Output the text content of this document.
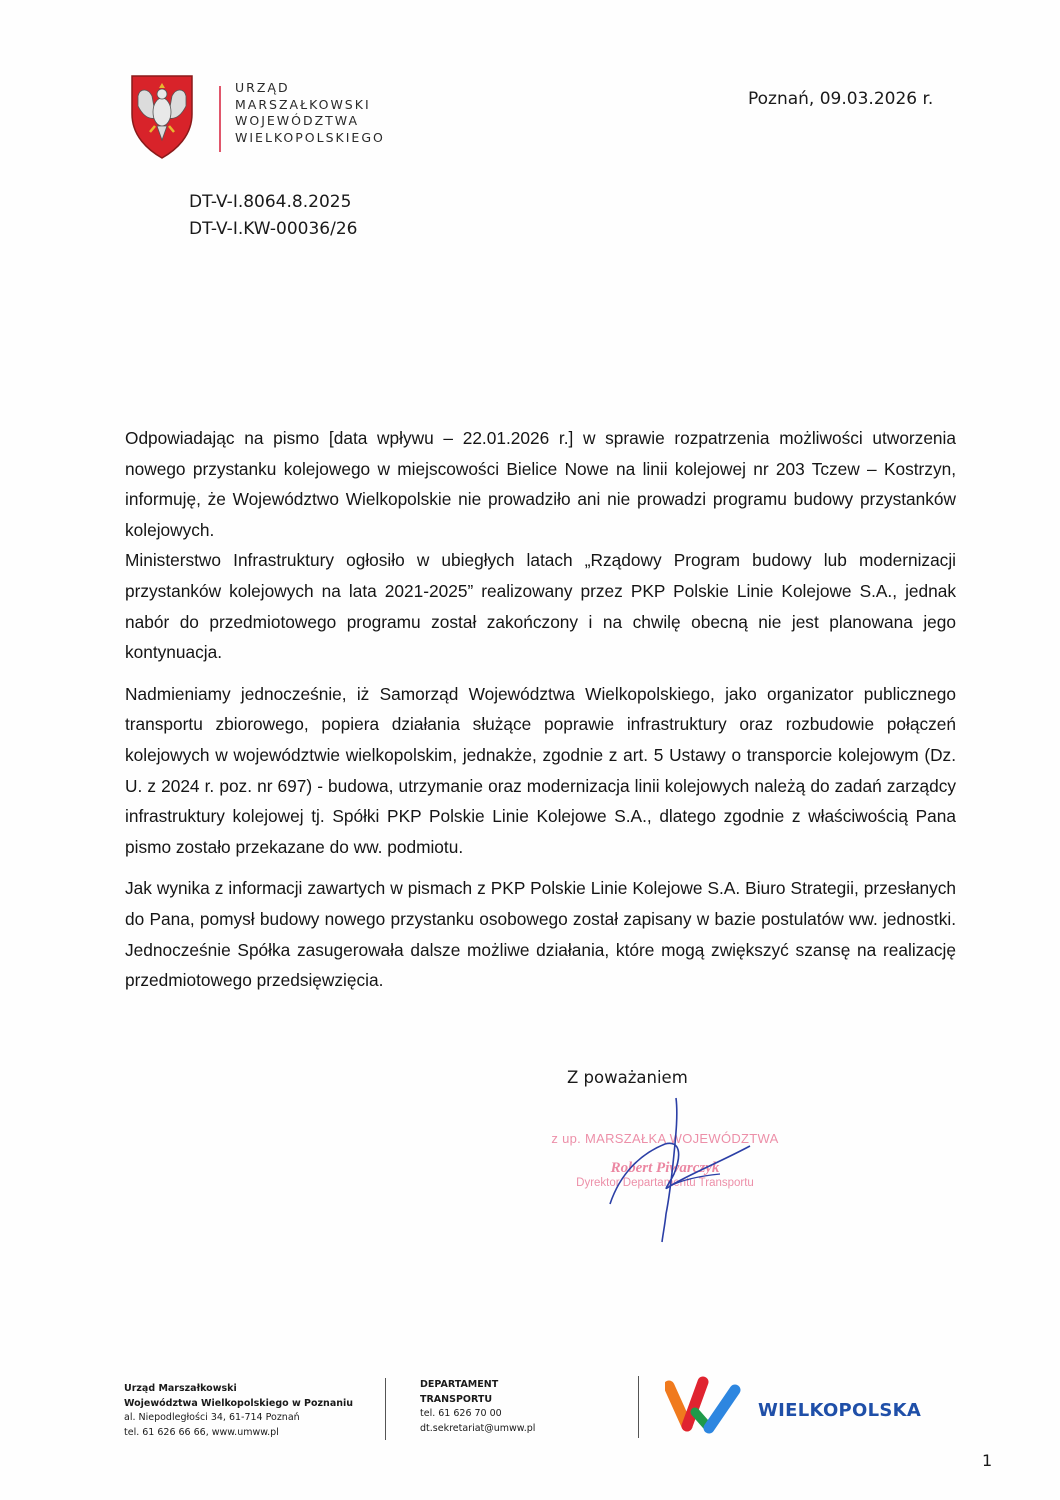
URZĄD
MARSZAŁKOWSKI
WOJEWÓDZTWA
WIELKOPOLSKIEGO
Poznań, 09.03.2026 r.
DT-V-I.8064.8.2025
DT-V-I.KW-00036/26

Odpowiadając na pismo [data wpływu – 22.01.2026 r.] w sprawie rozpatrzenia możliwości utworzenia nowego przystanku kolejowego w miejscowości Bielice Nowe na linii kolejowej nr 203 Tczew – Kostrzyn, informuję, że Województwo Wielkopolskie nie prowadziło ani nie prowadzi programu budowy przystanków kolejowych.

Ministerstwo Infrastruktury ogłosiło w ubiegłych latach „Rządowy Program budowy lub modernizacji przystanków kolejowych na lata 2021-2025” realizowany przez PKP Polskie Linie Kolejowe S.A., jednak nabór do przedmiotowego programu został zakończony i na chwilę obecną nie jest planowana jego kontynuacja.

Nadmieniamy jednocześnie, iż Samorząd Województwa Wielkopolskiego, jako organizator publicznego transportu zbiorowego, popiera działania służące poprawie infrastruktury oraz rozbudowie połączeń kolejowych w województwie wielkopolskim, jednakże, zgodnie z art. 5 Ustawy o transporcie kolejowym (Dz. U. z 2024 r. poz. nr 697) - budowa, utrzymanie oraz modernizacja linii kolejowych należą do zadań zarządcy infrastruktury kolejowej tj. Spółki PKP Polskie Linie Kolejowe S.A., dlatego zgodnie z właściwością Pana pismo zostało przekazane do ww. podmiotu.

Jak wynika z informacji zawartych w pismach z PKP Polskie Linie Kolejowe S.A. Biuro Strategii, przesłanych do Pana, pomysł budowy nowego przystanku osobowego został zapisany w bazie postulatów ww. jednostki. Jednocześnie Spółka zasugerowała dalsze możliwe działania, które mogą zwiększyć szansę na realizację przedmiotowego przedsięwzięcia.

Z poważaniem
z up. MARSZAŁKA WOJEWÓDZTWA
Robert Piwarczyk
Dyrektor Departamentu Transportu
Urząd Marszałkowski
Województwa Wielkopolskiego w Poznaniu
al. Niepodległości 34, 61-714 Poznań
tel. 61 626 66 66, www.umww.pl
DEPARTAMENT
TRANSPORTU
tel. 61 626 70 00
dt.sekretariat@umww.pl
WIELKOPOLSKA
1
